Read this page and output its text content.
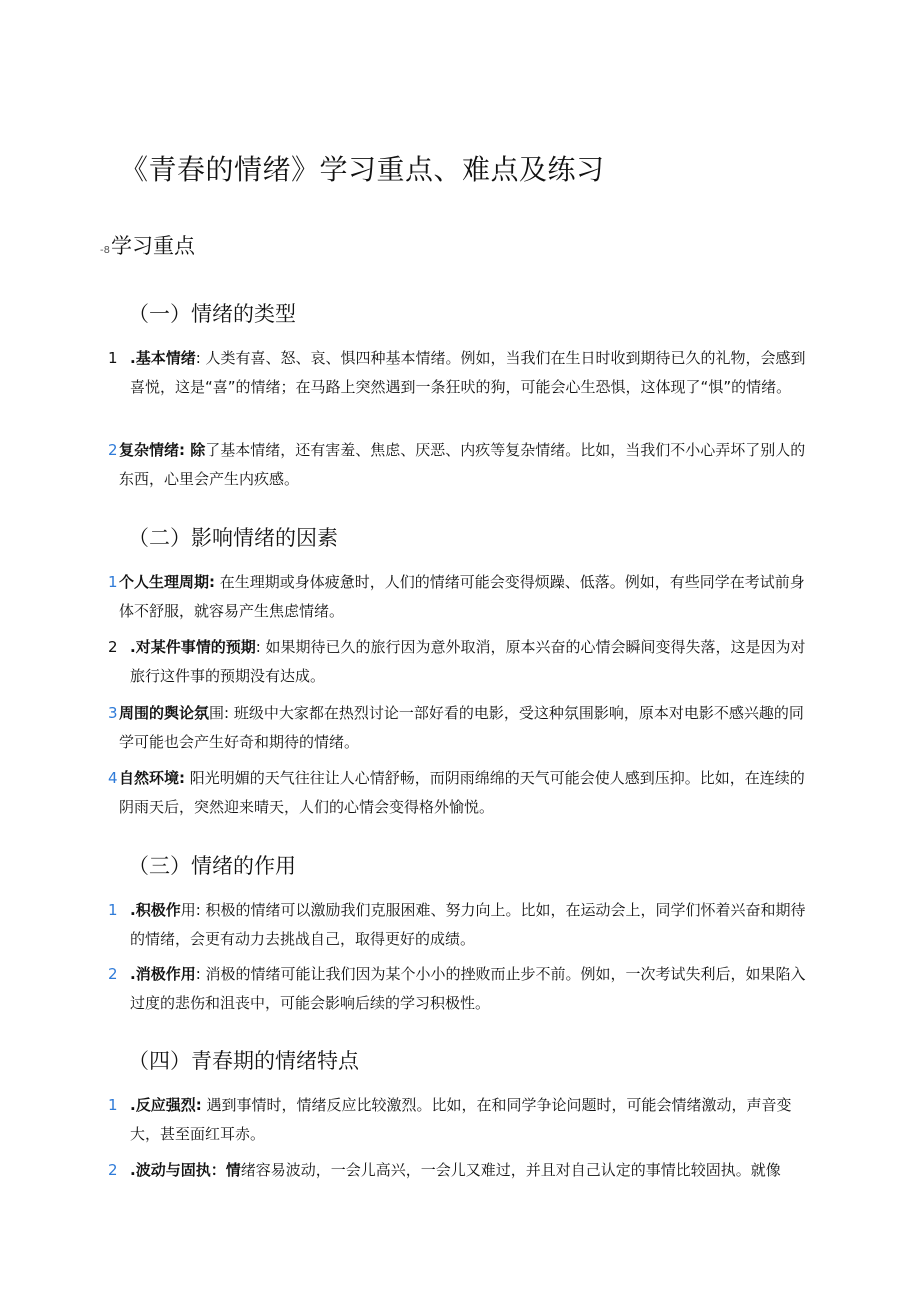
《青春的情绪》学习重点、难点及练习
-8学习重点
（一）情绪的类型
1 .基本情绪: 人类有喜、怒、哀、惧四种基本情绪。例如，当我们在生日时收到期待已久的礼物，会感到喜悦，这是“喜”的情绪；在马路上突然遇到一条狂吠的狗，可能会心生恐惧，这体现了“惧”的情绪。
2 复杂情绪: 除了基本情绪，还有害羞、焦虑、厌恶、内疚等复杂情绪。比如，当我们不小心弄坏了别人的东西，心里会产生内疚感。
（二）影响情绪的因素
1 个人生理周期: 在生理期或身体疲惫时，人们的情绪可能会变得烦躁、低落。例如，有些同学在考试前身体不舒服，就容易产生焦虑情绪。
2 .对某件事情的预期: 如果期待已久的旅行因为意外取消，原本兴奋的心情会瞬间变得失落，这是因为对旅行这件事的预期没有达成。
3 周围的舆论氛围: 班级中大家都在热烈讨论一部好看的电影，受这种氛围影响，原本对电影不感兴趣的同学可能也会产生好奇和期待的情绪。
4 自然环境: 阳光明媚的天气往往让人心情舒畅，而阴雨绵绵的天气可能会使人感到压抑。比如，在连续的阴雨天后，突然迎来晴天，人们的心情会变得格外愉悦。
（三）情绪的作用
1 .积极作用: 积极的情绪可以激励我们克服困难、努力向上。比如，在运动会上，同学们怀着兴奋和期待的情绪，会更有动力去挑战自己，取得更好的成绩。
2 .消极作用: 消极的情绪可能让我们因为某个小小的挫败而止步不前。例如，一次考试失利后，如果陷入过度的悲伤和沮丧中，可能会影响后续的学习积极性。
（四）青春期的情绪特点
1 .反应强烈: 遇到事情时，情绪反应比较激烈。比如，在和同学争论问题时，可能会情绪激动，声音变大，甚至面红耳赤。
2 .波动与固执：情绪容易波动，一会儿高兴，一会儿又难过，并且对自己认定的事情比较固执。就像
